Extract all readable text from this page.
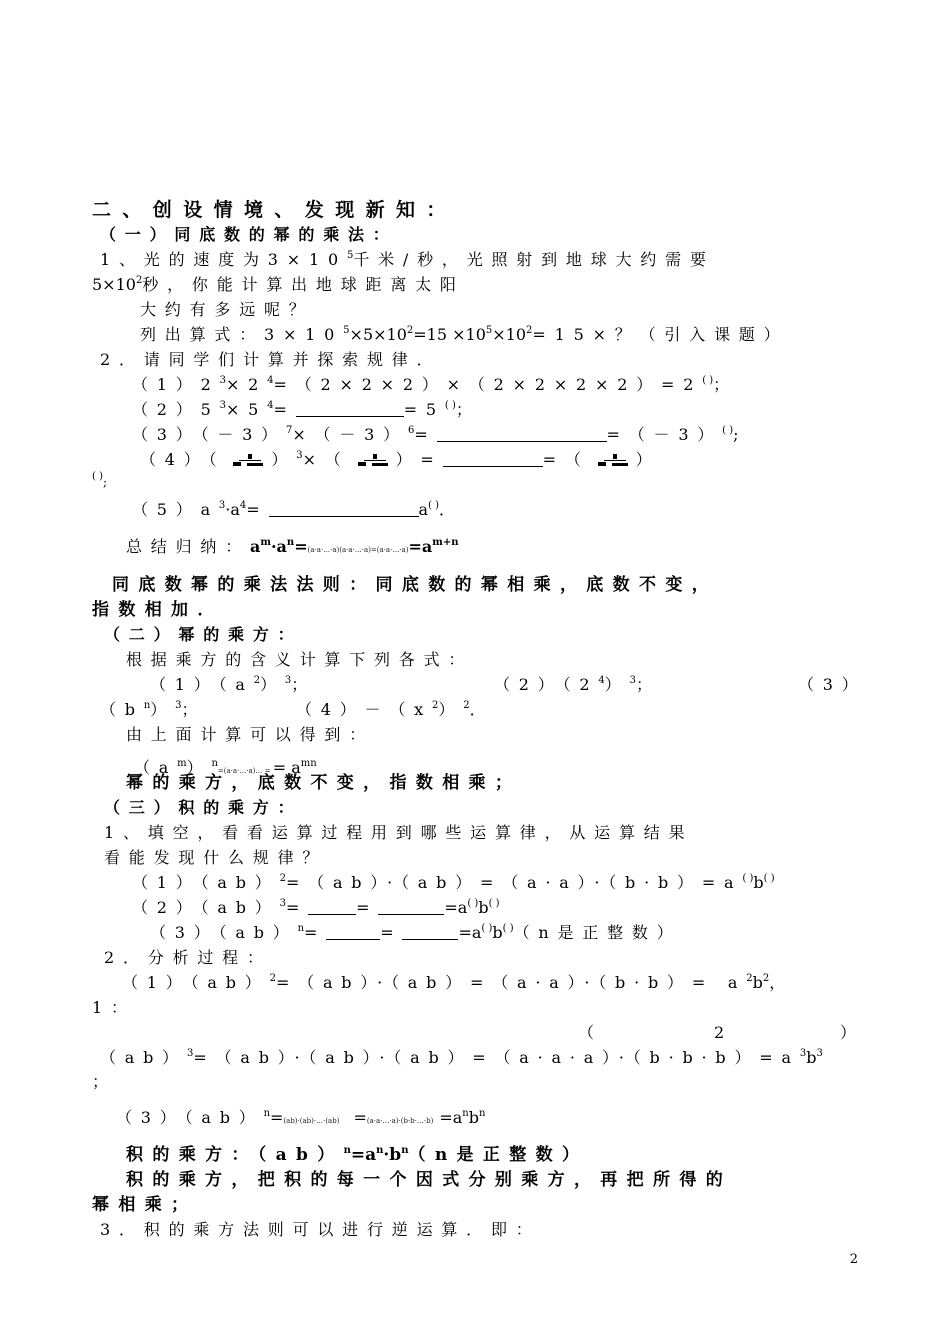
二、创设情境、发现新知：
（一）同底数的幂的乘法：
1、光的速度为$3\times 10^5$千米/秒，光照射到地球大约需要
$5\times 10^2$秒，你能计算出地球距离太阳
大约有多远呢？
列出算式：$3\times 10^5\times 5\times 10^2=15 \times 10^5\times 10^2=15\times$？（引入课题）
2．请同学们计算并探索规律．
$(1)2^3\times 2^4=(2\times 2\times 2)\times(2\times 2\times 2\times 2)=2^{( )}$；
$(2)5^3\times 5^4=$	=5( )；
$(3)(-3)^7\times(-3)^6=$	=（－3）( );
（4）（	）$^3$×（	）=	=（	）
( );
$(5)a^3\cdot a^4=$	a( )．
总结归纳：$a^m\cdot a^n=(a\cdot a\cdot\dots\cdot a)(a\cdot a\cdot\dots\cdot a)=(a\cdot a\cdot\dots\cdot a)=a^{m+n}$
同底数幂的乘法法则：同底数的幂相乘，底数不变，
指数相加．
（二）幂的乘方：
根据乘方的含义计算下列各式：
$(1)(a^2)^3$；	$(2)(2^4)^3$；	（3）
$(b^n)^3$；	$(4)-(x^2)^2$．
由上面计算可以得到：
$(a^m)^n=(a\cdot a\cdot\dots\cdot a)\dots$ = = $a^{mn}$
幂的乘方，底数不变，指数相乘；
（三）积的乘方：
1、填空，看看运算过程用到哪些运算律，从运算结果
看能发现什么规律？
（1）（ab）$^2$=（ab）·（ab）=（a·a）·（b·b）=a( )b( )
（2）（ab）$^3$=	=	=a( )b( )
（3）（ab）$^n$=	=	=a( )b( )（n是正整数）
2．分析过程：
$(1)(ab)^2=(ab)\cdot(ab)=(a\cdot a)\cdot(b\cdot b)= a^2b^2$，
1：
（	2	）
$(ab)^3=(ab)\cdot(ab)\cdot(ab)=(a\cdot a\cdot a)\cdot(b\cdot b\cdot b)=a^3b^3$
；
（3）（ab）$^n$=(ab)·(ab)·…·(ab) =(a·a·…·a)·(b·b·…·b) $=a^nb^n$
积的乘方：$(ab)^n=a^n\cdot b^n(n$是正整数）
积的乘方，把积的每一个因式分别乘方，再把所得的
幂相乘；
3．积的乘方法则可以进行逆运算．即：
2
